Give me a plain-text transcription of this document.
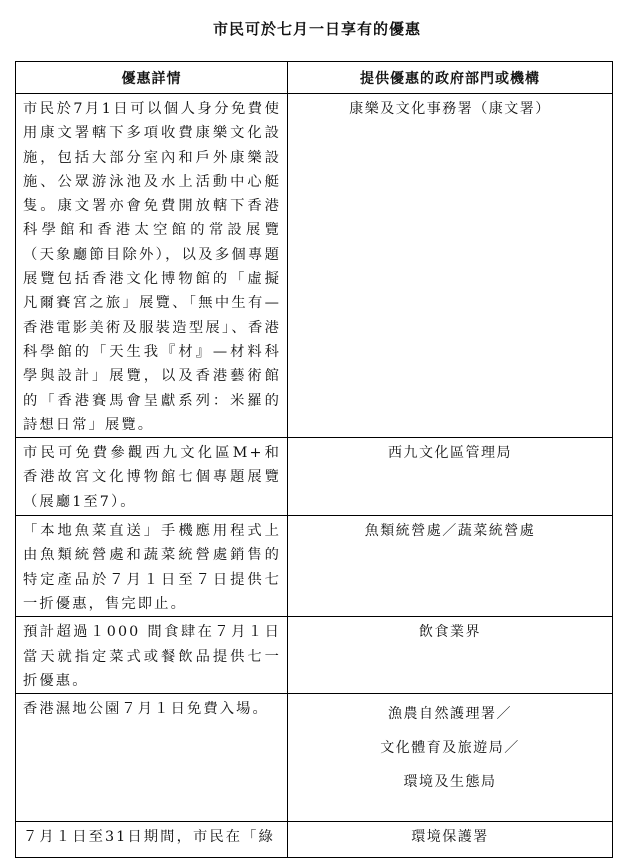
市民可於七月一日享有的優惠
優惠詳情	提供優惠的政府部門或機構
市民於7月1日可以個人身分免費使用康文署轄下多項收費康樂文化設施，包括大部分室內和戶外康樂設施、公眾游泳池及水上活動中心艇隻。康文署亦會免費開放轄下香港科學館和香港太空館的常設展覽（天象廳節目除外），以及多個專題展覽包括香港文化博物館的「虛擬凡爾賽宮之旅」展覽、「無中生有—香港電影美術及服裝造型展」、香港科學館的「天生我『材』—材料科學與設計」展覽，以及香港藝術館的「香港賽馬會呈獻系列：米羅的詩想日常」展覽。	康樂及文化事務署（康文署）

市民可免費參觀西九文化區M+和香港故宮文化博物館七個專題展覽（展廳1至7）。	西九文化區管理局

「本地魚菜直送」手機應用程式上由魚類統營處和蔬菜統營處銷售的特定產品於７月１日至７日提供七一折優惠，售完即止。	魚類統營處／蔬菜統營處

預計超過１000 間食肆在７月１日當天就指定菜式或餐飲品提供七一折優惠。	飲食業界

香港濕地公園７月１日免費入場。	漁農自然護理署／
文化體育及旅遊局／
環境及生態局

７月１日至31日期間，市民在「綠	環境保護署
